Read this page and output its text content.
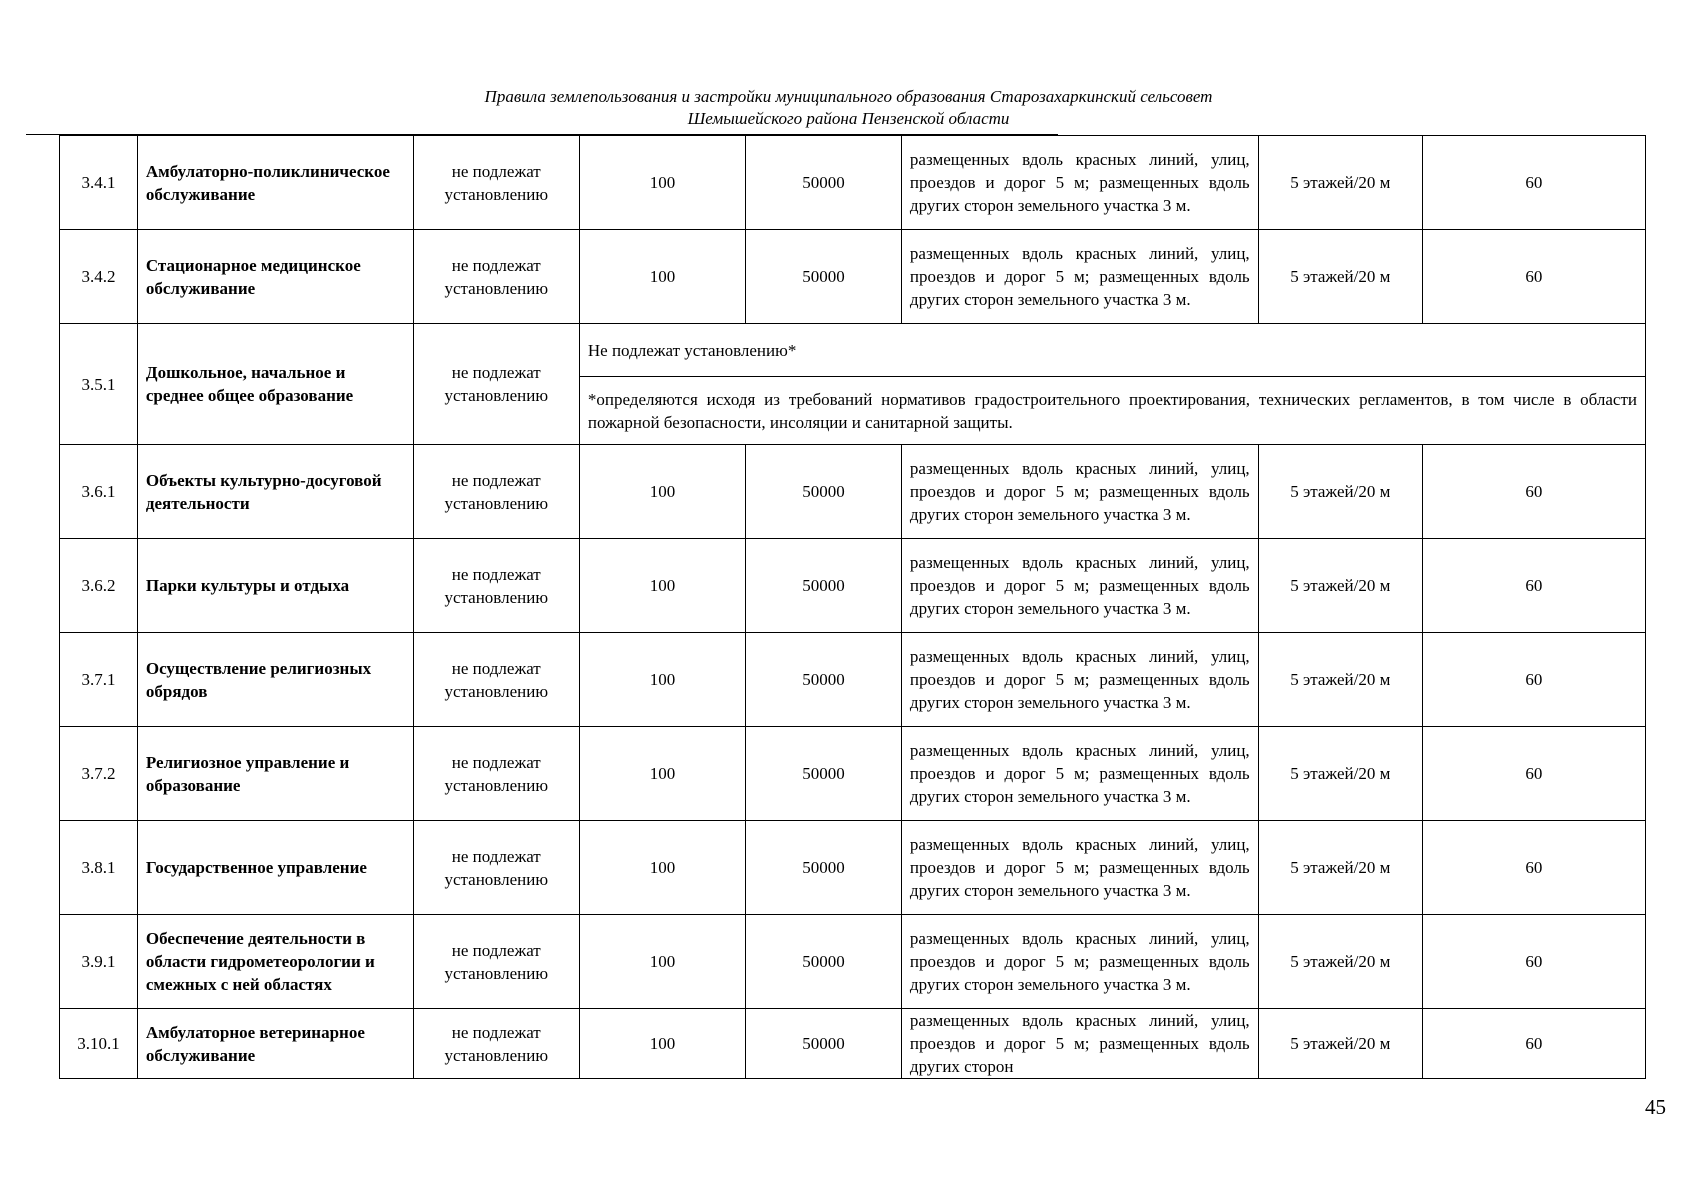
Правила землепользования и застройки муниципального образования Старозахаркинский сельсовет
Шемышейского района Пензенской области
3.4.1	Амбулаторно-поликлиническое обслуживание	не подлежат установлению	100	50000	размещенных вдоль красных линий, улиц, проездов и дорог 5 м; размещенных вдоль других сторон земельного участка 3 м.	5 этажей/20 м	60
3.4.2	Стационарное медицинское обслуживание	не подлежат установлению	100	50000	размещенных вдоль красных линий, улиц, проездов и дорог 5 м; размещенных вдоль других сторон земельного участка 3 м.	5 этажей/20 м	60
3.5.1	Дошкольное, начальное и среднее общее образование	не подлежат установлению	Не подлежат установлению*				
			*определяются исходя из требований нормативов градостроительного проектирования, технических регламентов, в том числе в области пожарной безопасности, инсоляции и санитарной защиты.				
3.6.1	Объекты культурно-досуговой деятельности	не подлежат установлению	100	50000	размещенных вдоль красных линий, улиц, проездов и дорог 5 м; размещенных вдоль других сторон земельного участка 3 м.	5 этажей/20 м	60
3.6.2	Парки культуры и отдыха	не подлежат установлению	100	50000	размещенных вдоль красных линий, улиц, проездов и дорог 5 м; размещенных вдоль других сторон земельного участка 3 м.	5 этажей/20 м	60
3.7.1	Осуществление религиозных обрядов	не подлежат установлению	100	50000	размещенных вдоль красных линий, улиц, проездов и дорог 5 м; размещенных вдоль других сторон земельного участка 3 м.	5 этажей/20 м	60
3.7.2	Религиозное управление и образование	не подлежат установлению	100	50000	размещенных вдоль красных линий, улиц, проездов и дорог 5 м; размещенных вдоль других сторон земельного участка 3 м.	5 этажей/20 м	60
3.8.1	Государственное управление	не подлежат установлению	100	50000	размещенных вдоль красных линий, улиц, проездов и дорог 5 м; размещенных вдоль других сторон земельного участка 3 м.	5 этажей/20 м	60
3.9.1	Обеспечение деятельности в области гидрометеорологии и смежных с ней областях	не подлежат установлению	100	50000	размещенных вдоль красных линий, улиц, проездов и дорог 5 м; размещенных вдоль других сторон земельного участка 3 м.	5 этажей/20 м	60
3.10.1	Амбулаторное ветеринарное обслуживание	не подлежат установлению	100	50000	размещенных вдоль красных линий, улиц, проездов и дорог 5 м; размещенных вдоль других сторон	5 этажей/20 м	60
45
